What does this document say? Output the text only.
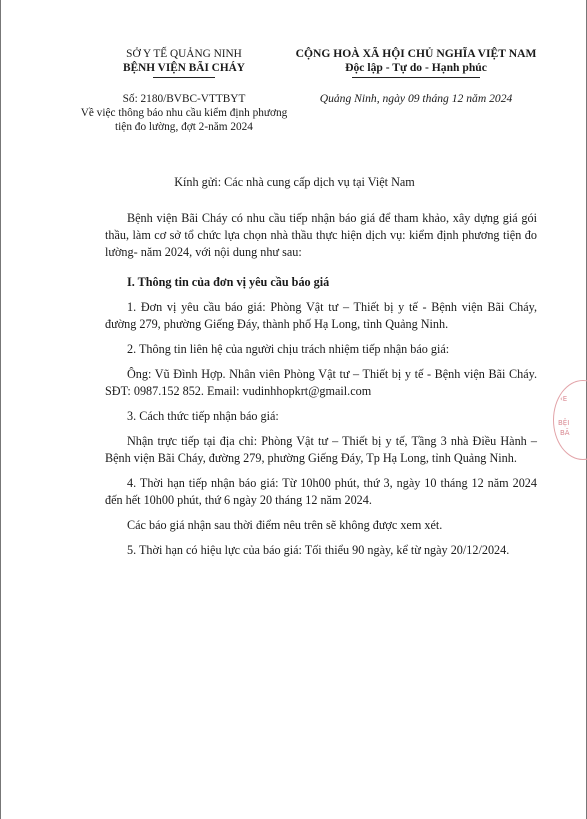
SỞ Y TẾ QUẢNG NINH
BỆNH VIỆN BÃI CHÁY
Số: 2180/BVBC-VTTBYT
Về việc thông báo nhu cầu kiểm định phương tiện đo lường, đợt 2-năm 2024
CỘNG HOÀ XÃ HỘI CHỦ NGHĨA VIỆT NAM
Độc lập - Tự do - Hạnh phúc
Quảng Ninh, ngày 09 tháng 12 năm 2024
Kính gửi: Các nhà cung cấp dịch vụ tại Việt Nam

Bệnh viện Bãi Cháy có nhu cầu tiếp nhận báo giá để tham khảo, xây dựng giá gói thầu, làm cơ sở tổ chức lựa chọn nhà thầu thực hiện dịch vụ: kiểm định phương tiện đo lường- năm 2024, với nội dung như sau:

I. Thông tin của đơn vị yêu cầu báo giá

1. Đơn vị yêu cầu báo giá: Phòng Vật tư – Thiết bị y tế - Bệnh viện Bãi Cháy, đường 279, phường Giếng Đáy, thành phố Hạ Long, tỉnh Quảng Ninh.

2. Thông tin liên hệ của người chịu trách nhiệm tiếp nhận báo giá:

Ông: Vũ Đình Hợp. Nhân viên Phòng Vật tư – Thiết bị y tế - Bệnh viện Bãi Cháy. SĐT: 0987.152 852. Email: vudinhhopkrt@gmail.com

3. Cách thức tiếp nhận báo giá:

Nhận trực tiếp tại địa chỉ: Phòng Vật tư – Thiết bị y tế, Tầng 3 nhà Điều Hành – Bệnh viện Bãi Cháy, đường 279, phường Giếng Đáy, Tp Hạ Long, tỉnh Quảng Ninh.

4. Thời hạn tiếp nhận báo giá: Từ 10h00 phút, thứ 3, ngày 10 tháng 12 năm 2024 đến hết 10h00 phút, thứ 6 ngày 20 tháng 12 năm 2024.

Các báo giá nhận sau thời điểm nêu trên sẽ không được xem xét.

5. Thời hạn có hiệu lực của báo giá: Tối thiểu 90 ngày, kể từ ngày 20/12/2024.

‹E
BỆI
BÃ
